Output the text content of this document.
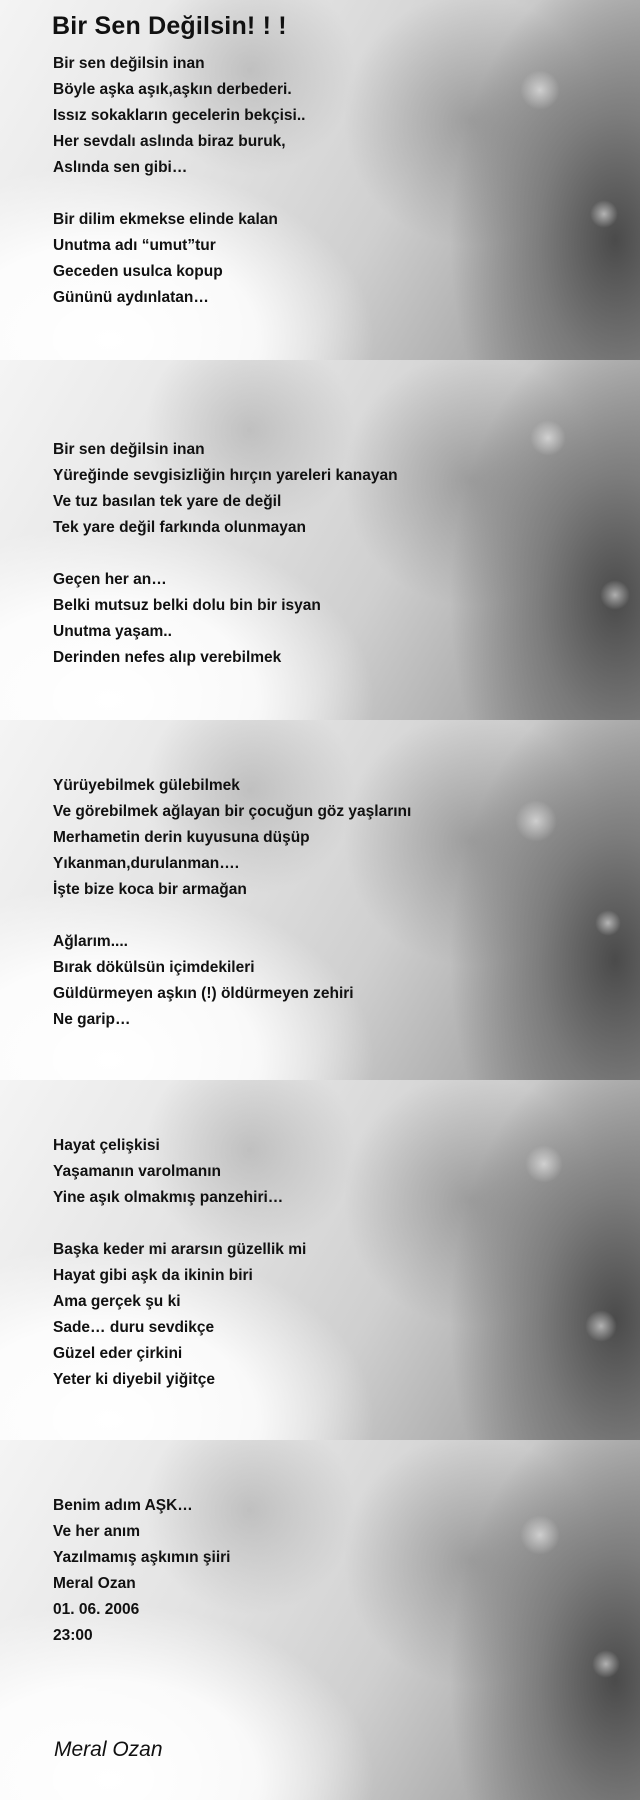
Bir Sen Değilsin! ! !
Bir sen değilsin inan
Böyle aşka aşık,aşkın derbederi.
Issız sokakların gecelerin bekçisi..
Her sevdalı aslında biraz buruk,
Aslında sen gibi…
Bir dilim ekmekse elinde kalan
Unutma adı “umut”tur
Geceden usulca kopup
Gününü aydınlatan…
Bir sen değilsin inan
Yüreğinde sevgisizliğin hırçın yareleri kanayan
Ve tuz basılan tek yare de değil
Tek yare değil farkında olunmayan
Geçen her an…
Belki mutsuz belki dolu bin bir isyan
Unutma yaşam..
Derinden nefes alıp verebilmek
Yürüyebilmek gülebilmek
Ve görebilmek ağlayan bir çocuğun göz yaşlarını
Merhametin derin kuyusuna düşüp
Yıkanman,durulanman….
İşte bize koca bir armağan
Ağlarım....
Bırak dökülsün içimdekileri
Güldürmeyen aşkın (!) öldürmeyen zehiri
Ne garip…
Hayat çelişkisi
Yaşamanın varolmanın
Yine aşık olmakmış panzehiri…
Başka keder mi ararsın güzellik mi
Hayat gibi aşk da ikinin biri
Ama gerçek şu ki
Sade… duru sevdikçe
Güzel eder çirkini
Yeter ki diyebil yiğitçe
Benim adım AŞK…
Ve her anım
Yazılmamış aşkımın şiiri
Meral Ozan
01. 06. 2006
23:00
Meral Ozan
